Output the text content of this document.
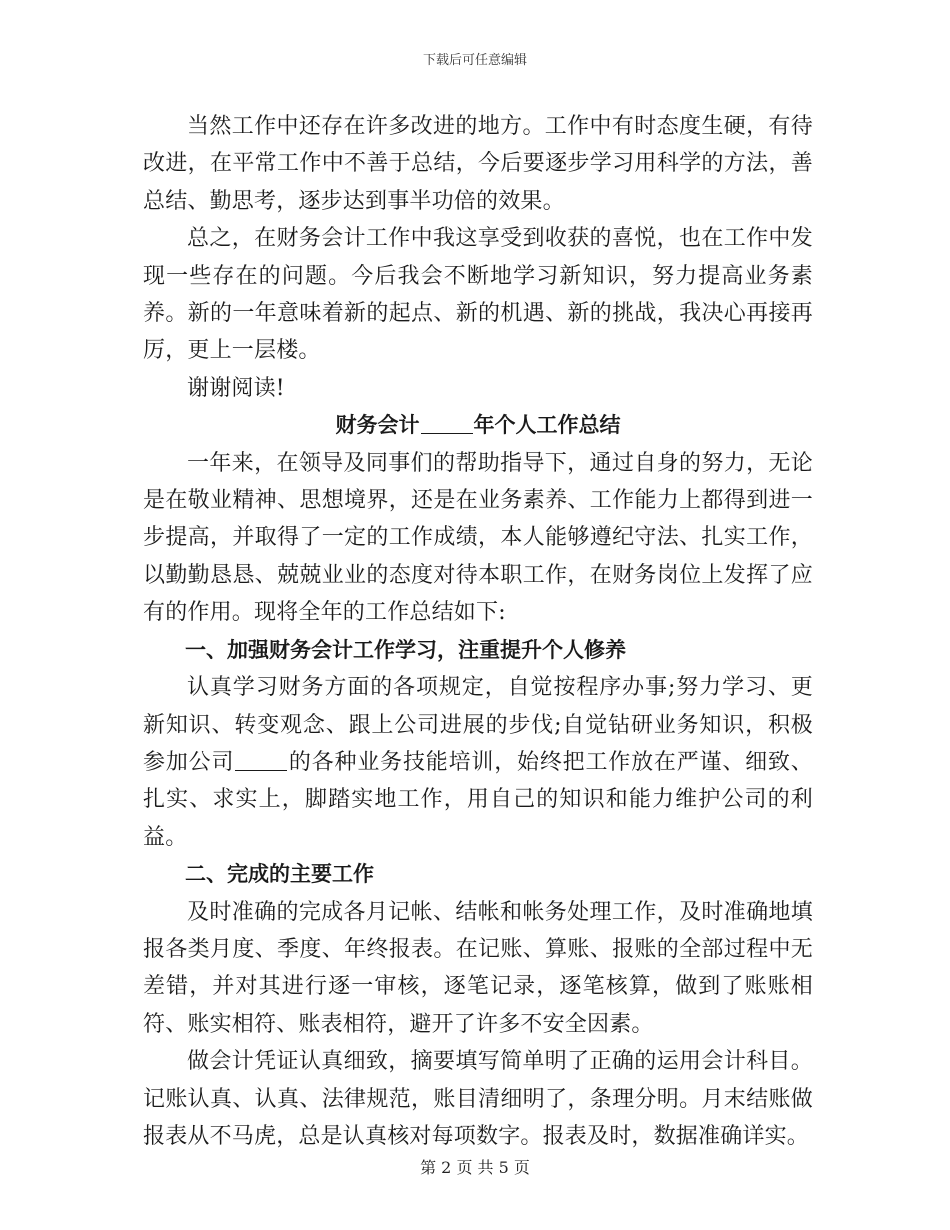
下载后可任意编辑

当然工作中还存在许多改进的地方。工作中有时态度生硬，有待改进，在平常工作中不善于总结，今后要逐步学习用科学的方法，善总结、勤思考，逐步达到事半功倍的效果。

总之，在财务会计工作中我这享受到收获的喜悦，也在工作中发现一些存在的问题。今后我会不断地学习新知识，努力提高业务素养。新的一年意味着新的起点、新的机遇、新的挑战，我决心再接再厉，更上一层楼。

谢谢阅读!

财务会计	年个人工作总结

一年来，在领导及同事们的帮助指导下，通过自身的努力，无论是在敬业精神、思想境界，还是在业务素养、工作能力上都得到进一步提高，并取得了一定的工作成绩，本人能够遵纪守法、扎实工作，以勤勤恳恳、兢兢业业的态度对待本职工作，在财务岗位上发挥了应有的作用。现将全年的工作总结如下:

一、加强财务会计工作学习，注重提升个人修养

认真学习财务方面的各项规定，自觉按程序办事;努力学习、更新知识、转变观念、跟上公司进展的步伐;自觉钻研业务知识，积极参加公司 的各种业务技能培训，始终把工作放在严谨、细致、扎实、求实上，脚踏实地工作，用自己的知识和能力维护公司的利益。

二、完成的主要工作

及时准确的完成各月记帐、结帐和帐务处理工作，及时准确地填报各类月度、季度、年终报表。在记账、算账、报账的全部过程中无差错，并对其进行逐一审核，逐笔记录，逐笔核算，做到了账账相符、账实相符、账表相符，避开了许多不安全因素。

做会计凭证认真细致，摘要填写简单明了正确的运用会计科目。记账认真、认真、法律规范，账目清细明了，条理分明。月末结账做报表从不马虎，总是认真核对每项数字。报表及时，数据准确详实。

第 2 页 共 5 页
